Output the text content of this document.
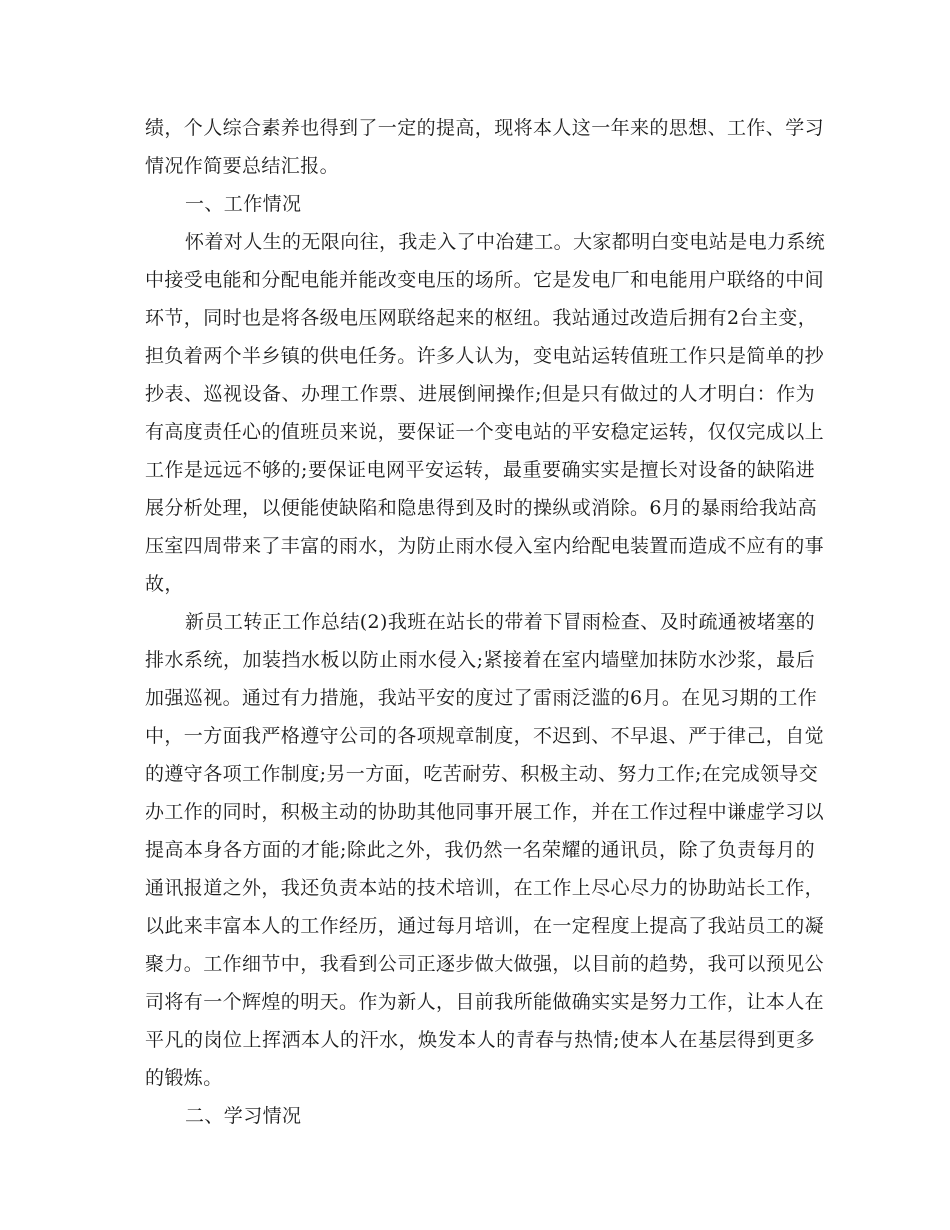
绩，个人综合素养也得到了一定的提高，现将本人这一年来的思想、工作、学习
情况作简要总结汇报。
一、工作情况
怀着对人生的无限向往，我走入了中冶建工。大家都明白变电站是电力系统
中接受电能和分配电能并能改变电压的场所。它是发电厂和电能用户联络的中间
环节，同时也是将各级电压网联络起来的枢纽。我站通过改造后拥有2台主变，
担负着两个半乡镇的供电任务。许多人认为，变电站运转值班工作只是简单的抄
抄表、巡视设备、办理工作票、进展倒闸操作;但是只有做过的人才明白：作为
有高度责任心的值班员来说，要保证一个变电站的平安稳定运转，仅仅完成以上
工作是远远不够的;要保证电网平安运转，最重要确实实是擅长对设备的缺陷进
展分析处理，以便能使缺陷和隐患得到及时的操纵或消除。6月的暴雨给我站高
压室四周带来了丰富的雨水，为防止雨水侵入室内给配电装置而造成不应有的事
故，
新员工转正工作总结(2)我班在站长的带着下冒雨检查、及时疏通被堵塞的
排水系统，加装挡水板以防止雨水侵入;紧接着在室内墙壁加抹防水沙浆，最后
加强巡视。通过有力措施，我站平安的度过了雷雨泛滥的6月。在见习期的工作
中，一方面我严格遵守公司的各项规章制度，不迟到、不早退、严于律己，自觉
的遵守各项工作制度;另一方面，吃苦耐劳、积极主动、努力工作;在完成领导交
办工作的同时，积极主动的协助其他同事开展工作，并在工作过程中谦虚学习以
提高本身各方面的才能;除此之外，我仍然一名荣耀的通讯员，除了负责每月的
通讯报道之外，我还负责本站的技术培训，在工作上尽心尽力的协助站长工作，
以此来丰富本人的工作经历，通过每月培训，在一定程度上提高了我站员工的凝
聚力。工作细节中，我看到公司正逐步做大做强，以目前的趋势，我可以预见公
司将有一个辉煌的明天。作为新人，目前我所能做确实实是努力工作，让本人在
平凡的岗位上挥洒本人的汗水，焕发本人的青春与热情;使本人在基层得到更多
的锻炼。
二、学习情况
